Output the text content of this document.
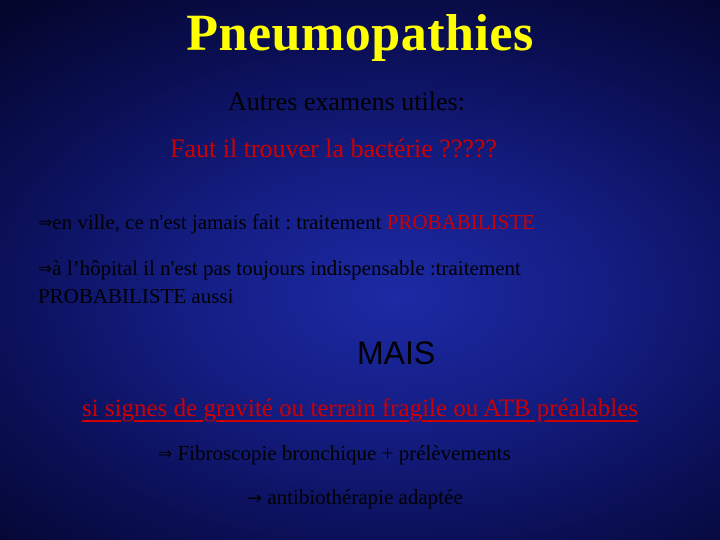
Pneumopathies
Autres examens utiles:
Faut il trouver la bactérie ?????
⇒en ville, ce n'est jamais fait : traitement PROBABILISTE
⇒à l’hôpital il n'est pas toujours indispensable :traitement
PROBABILISTE aussi
MAIS
si signes de gravité ou terrain fragile ou ATB préalables
⇒ Fibroscopie bronchique + prélèvements
→ antibiothérapie adaptée
